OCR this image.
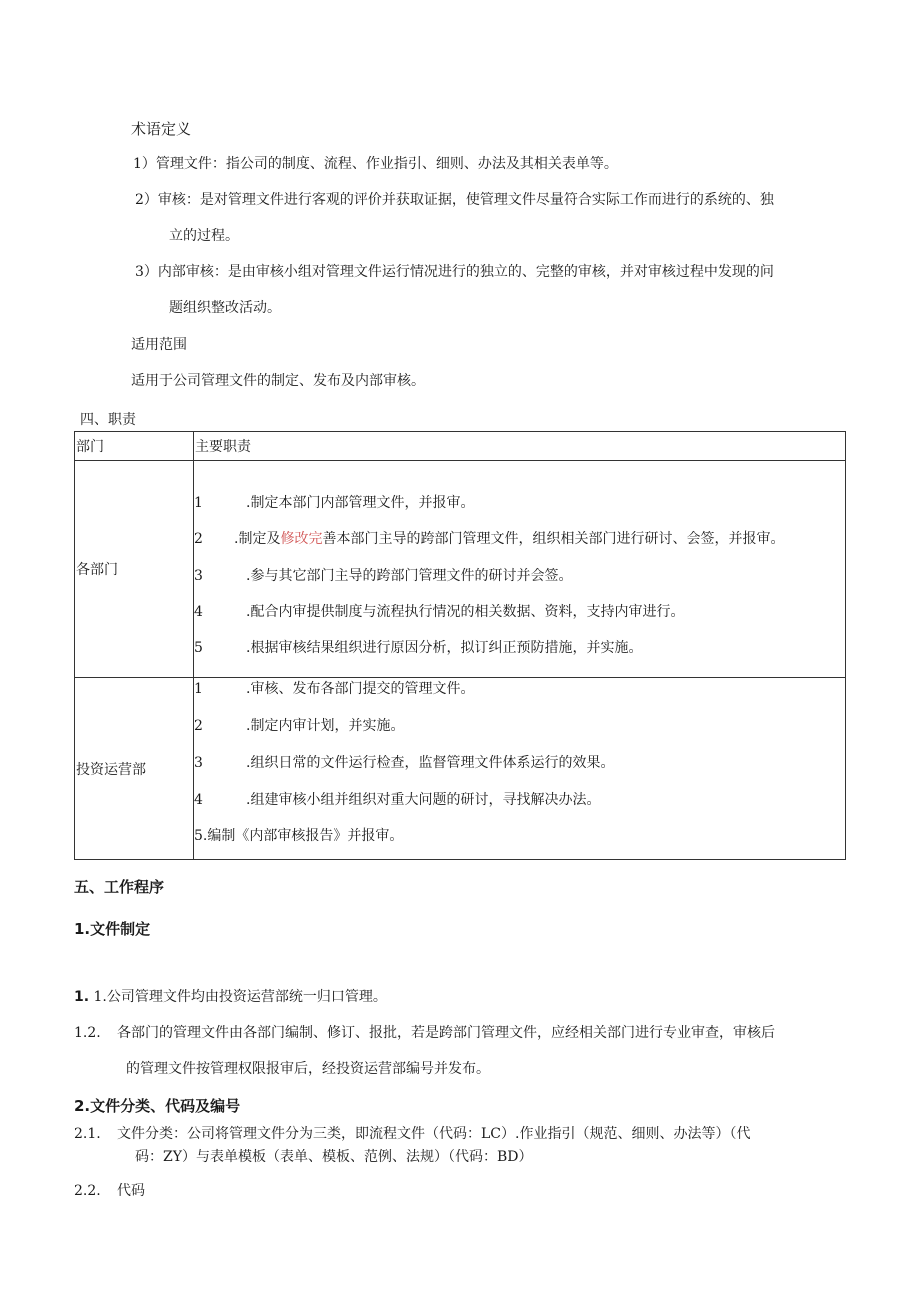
术语定义
1）管理文件：指公司的制度、流程、作业指引、细则、办法及其相关表单等。
2）审核：是对管理文件进行客观的评价并获取证据，使管理文件尽量符合实际工作而进行的系统的、独
立的过程。
3）内部审核：是由审核小组对管理文件运行情况进行的独立的、完整的审核，并对审核过程中发现的问
题组织整改活动。
适用范围
适用于公司管理文件的制定、发布及内部审核。
四、职责
部门	主要职责
各部门	1 .制定本部门内部管理文件，并报审。
2 .制定及修改完善本部门主导的跨部门管理文件，组织相关部门进行研讨、会签，并报审。
3 .参与其它部门主导的跨部门管理文件的研讨并会签。
4 .配合内审提供制度与流程执行情况的相关数据、资料，支持内审进行。
5 .根据审核结果组织进行原因分析，拟订纠正预防措施，并实施。

投资运营部	1 .审核、发布各部门提交的管理文件。
2 .制定内审计划，并实施。
3 .组织日常的文件运行检查，监督管理文件体系运行的效果。
4 .组建审核小组并组织对重大问题的研讨，寻找解决办法。
5.编制《内部审核报告》并报审。
五、工作程序
1.文件制定
1. 1.公司管理文件均由投资运营部统一归口管理。
1.2. 各部门的管理文件由各部门编制、修订、报批，若是跨部门管理文件，应经相关部门进行专业审查，审核后
的管理文件按管理权限报审后，经投资运营部编号并发布。
2.文件分类、代码及编号
2.1. 文件分类：公司将管理文件分为三类，即流程文件（代码：LC）.作业指引（规范、细则、办法等）（代
码：ZY）与表单模板（表单、模板、范例、法规）（代码：BD）
2.2. 代码
